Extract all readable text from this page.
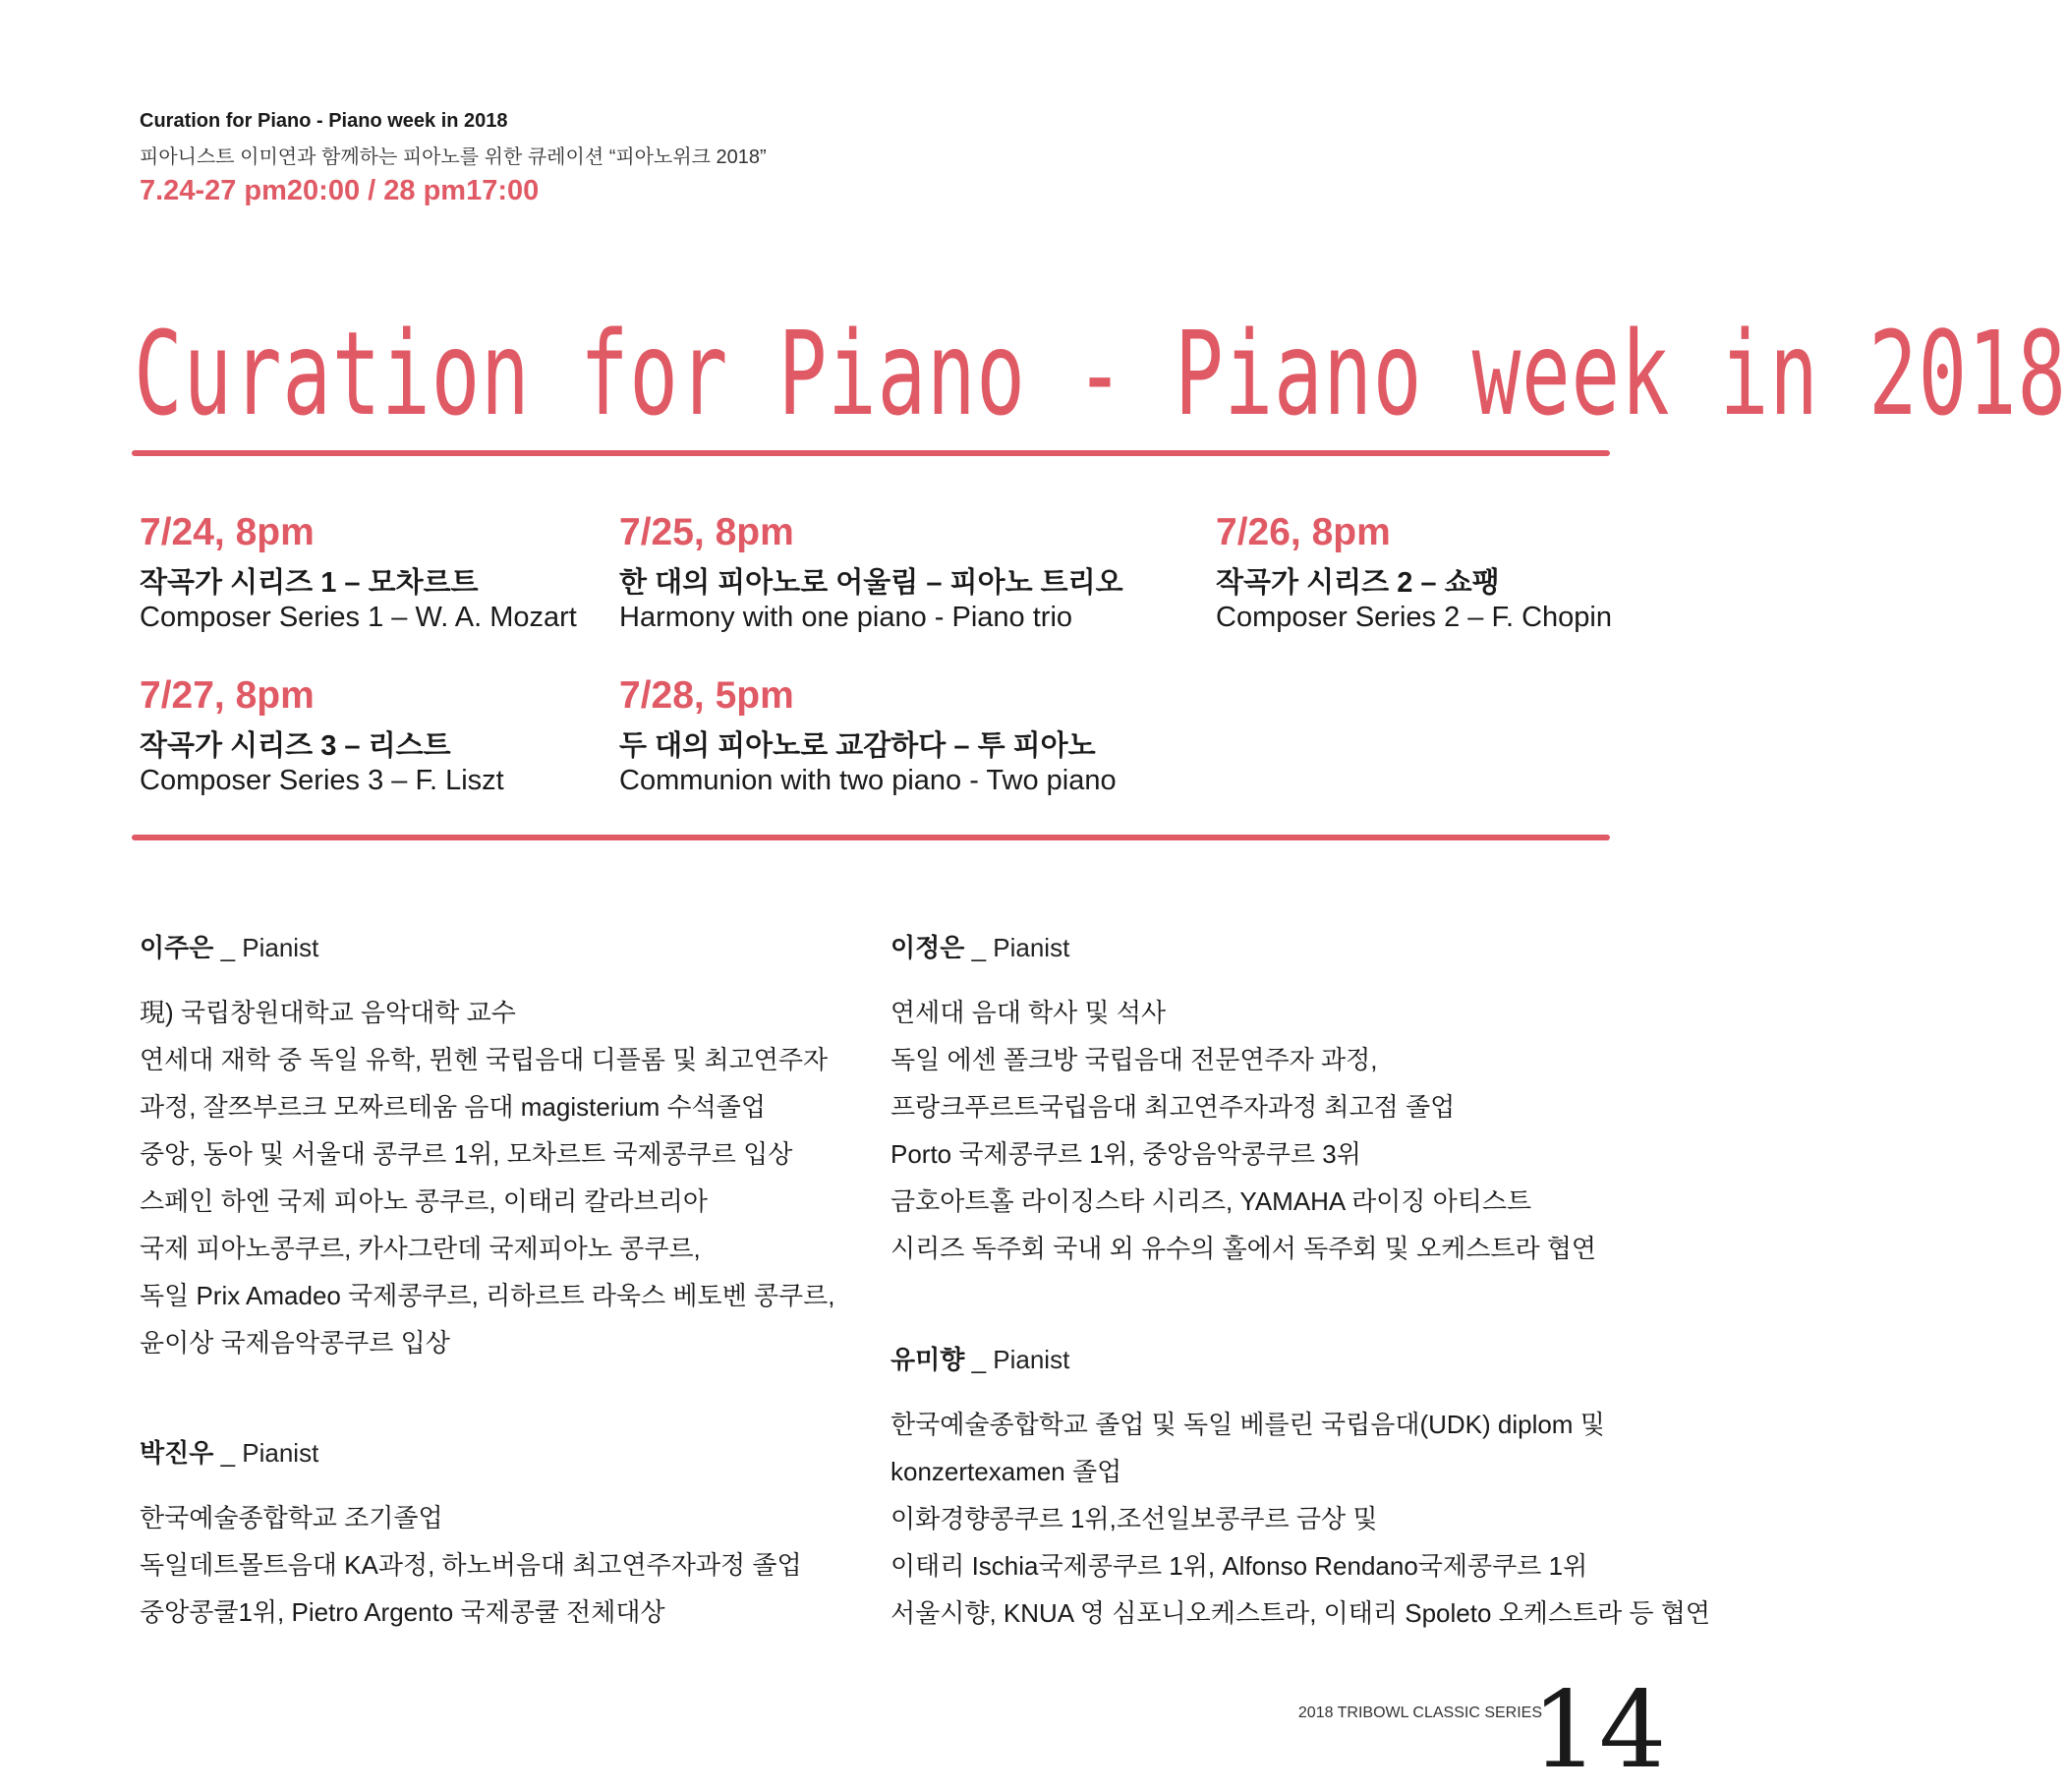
Curation for Piano - Piano week in 2018
피아니스트 이미연과 함께하는 피아노를 위한 큐레이션 “피아노위크 2018”
7.24-27 pm20:00 / 28 pm17:00
Curation for Piano - Piano week in 2018
7/24, 8pm
작곡가 시리즈 1 – 모차르트
Composer Series 1 – W. A. Mozart
7/25, 8pm
한 대의 피아노로 어울림 – 피아노 트리오
Harmony with one piano - Piano trio
7/26, 8pm
작곡가 시리즈 2 – 쇼팽
Composer Series 2 – F. Chopin
7/27, 8pm
작곡가 시리즈 3 – 리스트
Composer Series 3 – F. Liszt
7/28, 5pm
두 대의 피아노로 교감하다 – 투 피아노
Communion with two piano - Two piano
이주은 _ Pianist
現) 국립창원대학교 음악대학 교수
연세대 재학 중 독일 유학, 뮌헨 국립음대 디플롬 및 최고연주자
과정, 잘쯔부르크 모짜르테움 음대 magisterium 수석졸업
중앙, 동아 및 서울대 콩쿠르 1위, 모차르트 국제콩쿠르 입상
스페인 하엔 국제 피아노 콩쿠르, 이태리 칼라브리아
국제 피아노콩쿠르, 카사그란데 국제피아노 콩쿠르,
독일 Prix Amadeo 국제콩쿠르, 리하르트 라욱스 베토벤 콩쿠르,
윤이상 국제음악콩쿠르 입상
박진우 _ Pianist
한국예술종합학교 조기졸업
독일데트몰트음대 KA과정, 하노버음대 최고연주자과정 졸업
중앙콩쿨1위, Pietro Argento 국제콩쿨 전체대상
이정은 _ Pianist
연세대 음대 학사 및 석사
독일 에센 폴크방 국립음대 전문연주자 과정,
프랑크푸르트국립음대 최고연주자과정 최고점 졸업
Porto 국제콩쿠르 1위, 중앙음악콩쿠르 3위
금호아트홀 라이징스타 시리즈, YAMAHA 라이징 아티스트
시리즈 독주회 국내 외 유수의 홀에서 독주회 및 오케스트라 협연
유미향 _ Pianist
한국예술종합학교 졸업 및 독일 베를린 국립음대(UDK) diplom 및
konzertexamen 졸업
이화경향콩쿠르 1위,조선일보콩쿠르 금상 및
이태리 Ischia국제콩쿠르 1위, Alfonso Rendano국제콩쿠르 1위
서울시향, KNUA 영 심포니오케스트라, 이태리 Spoleto 오케스트라 등 협연
2018 TRIBOWL CLASSIC SERIES
14
